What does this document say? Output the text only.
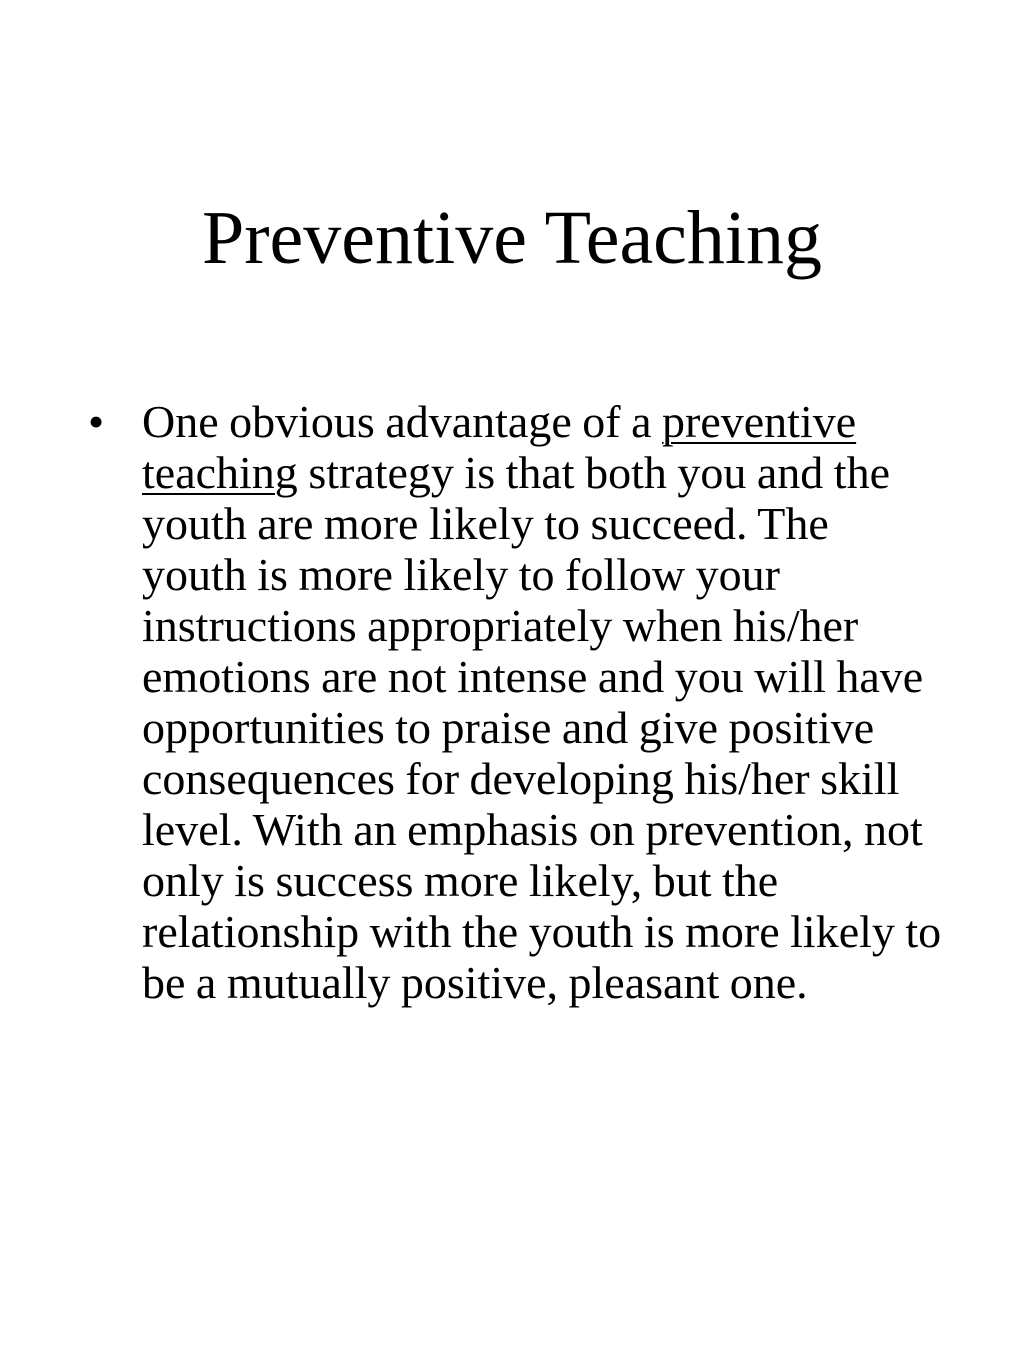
Preventive Teaching
• One obvious advantage of a preventive teaching strategy is that both you and the youth are more likely to succeed. The youth is more likely to follow your instructions appropriately when his/her emotions are not intense and you will have opportunities to praise and give positive consequences for developing his/her skill level. With an emphasis on prevention, not only is success more likely, but the relationship with the youth is more likely to be a mutually positive, pleasant one.
